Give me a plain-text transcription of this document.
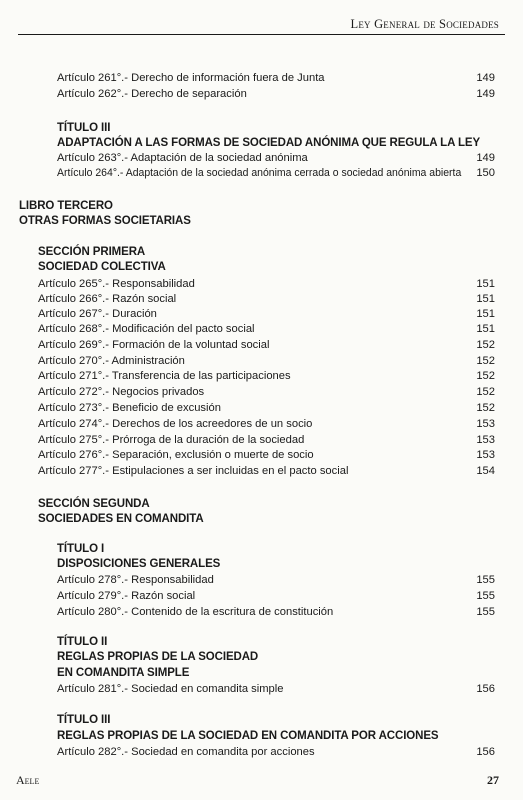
Ley General de Sociedades
Artículo 261°.- Derecho de información fuera de Junta	149
Artículo 262°.- Derecho de separación	149
TÍTULO III
ADAPTACIÓN A LAS FORMAS DE SOCIEDAD ANÓNIMA QUE REGULA LA LEY
Artículo 263°.- Adaptación de la sociedad anónima	149
Artículo 264°.- Adaptación de la sociedad anónima cerrada o sociedad anónima abierta 150
LIBRO TERCERO
OTRAS FORMAS SOCIETARIAS
SECCIÓN PRIMERA
SOCIEDAD COLECTIVA
Artículo 265°.- Responsabilidad	151
Artículo 266°.- Razón social	151
Artículo 267°.- Duración	151
Artículo 268°.- Modificación del pacto social	151
Artículo 269°.- Formación de la voluntad social	152
Artículo 270°.- Administración	152
Artículo 271°.- Transferencia de las participaciones	152
Artículo 272°.- Negocios privados	152
Artículo 273°.- Beneficio de excusión	152
Artículo 274°.- Derechos de los acreedores de un socio	153
Artículo 275°.- Prórroga de la duración de la sociedad	153
Artículo 276°.- Separación, exclusión o muerte de socio	153
Artículo 277°.- Estipulaciones a ser incluidas en el pacto social	154
SECCIÓN SEGUNDA
SOCIEDADES EN COMANDITA
TÍTULO I
DISPOSICIONES GENERALES
Artículo 278°.- Responsabilidad	155
Artículo 279°.- Razón social	155
Artículo 280°.- Contenido de la escritura de constitución	155
TÍTULO II
REGLAS PROPIAS DE LA SOCIEDAD
EN COMANDITA SIMPLE
Artículo 281°.- Sociedad en comandita simple	156
TÍTULO III
REGLAS PROPIAS DE LA SOCIEDAD EN COMANDITA POR ACCIONES
Artículo 282°.- Sociedad en comandita por acciones	156
Aele	27
